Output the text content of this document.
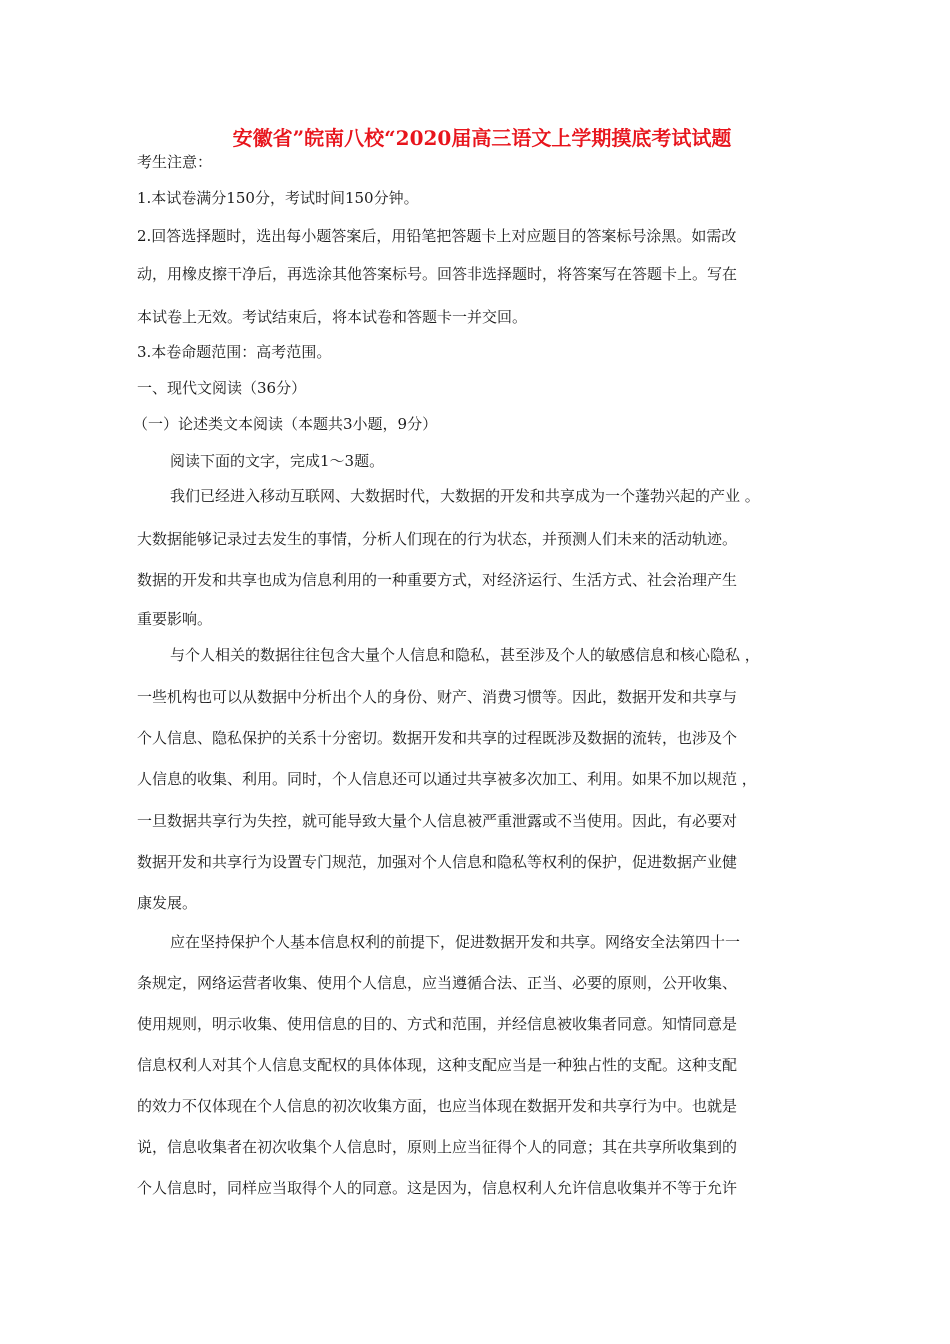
安徽省”皖南八校“2020届高三语文上学期摸底考试试题
考生注意：
1.本试卷满分150分，考试时间150分钟。
2.回答选择题时，选出每小题答案后，用铅笔把答题卡上对应题目的答案标号涂黑。如需改
动，用橡皮擦干净后，再选涂其他答案标号。回答非选择题时，将答案写在答题卡上。写在
本试卷上无效。考试结束后，将本试卷和答题卡一并交回。
3.本卷命题范围：高考范围。
一、现代文阅读（36分）
（一）论述类文本阅读（本题共3小题，9分）
阅读下面的文字，完成1～3题。
我们已经进入移动互联网、大数据时代，大数据的开发和共享成为一个蓬勃兴起的产业 。
大数据能够记录过去发生的事情，分析人们现在的行为状态，并预测人们未来的活动轨迹。
数据的开发和共享也成为信息利用的一种重要方式，对经济运行、生活方式、社会治理产生
重要影响。
与个人相关的数据往往包含大量个人信息和隐私，甚至涉及个人的敏感信息和核心隐私 ，
一些机构也可以从数据中分析出个人的身份、财产、消费习惯等。因此，数据开发和共享与
个人信息、隐私保护的关系十分密切。数据开发和共享的过程既涉及数据的流转，也涉及个
人信息的收集、利用。同时，个人信息还可以通过共享被多次加工、利用。如果不加以规范 ，
一旦数据共享行为失控，就可能导致大量个人信息被严重泄露或不当使用。因此，有必要对
数据开发和共享行为设置专门规范，加强对个人信息和隐私等权利的保护，促进数据产业健
康发展。
应在坚持保护个人基本信息权利的前提下，促进数据开发和共享。网络安全法第四十一
条规定，网络运营者收集、使用个人信息，应当遵循合法、正当、必要的原则，公开收集、
使用规则，明示收集、使用信息的目的、方式和范围，并经信息被收集者同意。知情同意是
信息权利人对其个人信息支配权的具体体现，这种支配应当是一种独占性的支配。这种支配
的效力不仅体现在个人信息的初次收集方面，也应当体现在数据开发和共享行为中。也就是
说，信息收集者在初次收集个人信息时，原则上应当征得个人的同意；其在共享所收集到的
个人信息时，同样应当取得个人的同意。这是因为，信息权利人允许信息收集并不等于允许
